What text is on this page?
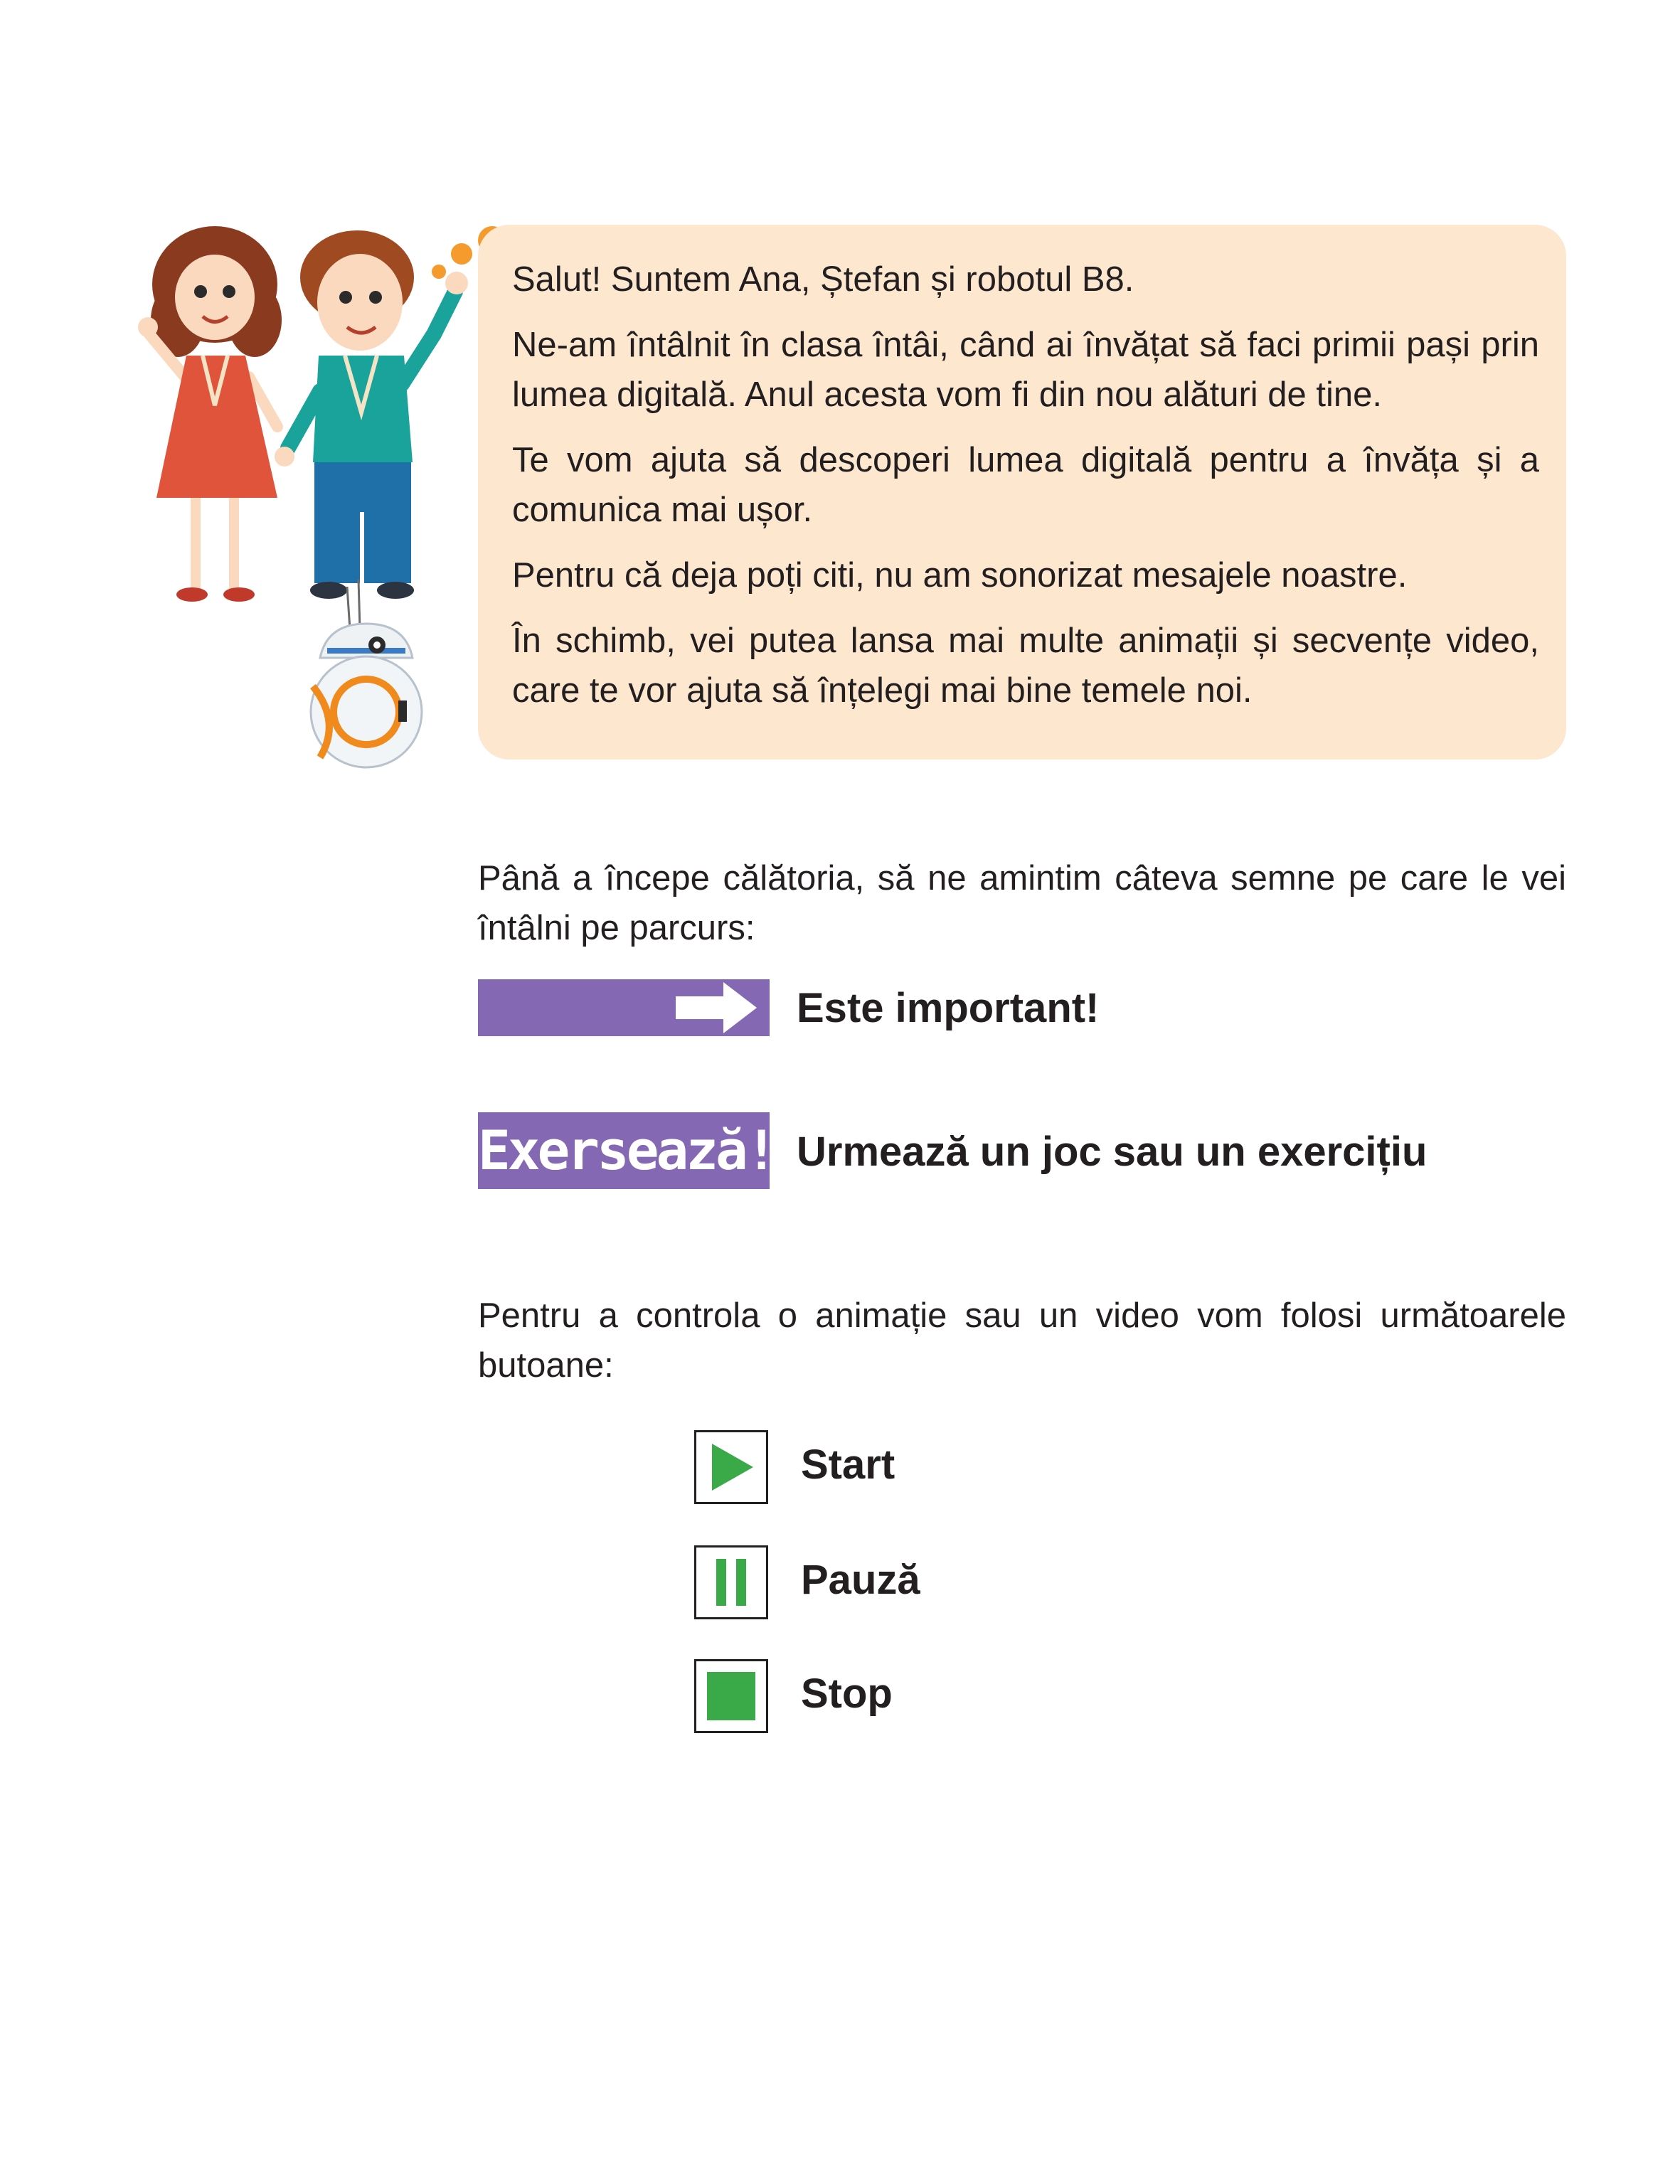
Salut! Suntem Ana, Ștefan și robotul B8.

Ne-am întâlnit în clasa întâi, când ai învățat să faci primii pași prin lumea digitală. Anul acesta vom fi din nou alături de tine.

Te vom ajuta să descoperi lumea digitală pentru a învăța și a comunica mai ușor.

Pentru că deja poți citi, nu am sonorizat mesajele noastre.

În schimb, vei putea lansa mai multe animații și secvențe video, care te vor ajuta să înțelegi mai bine temele noi.

Până a începe călătoria, să ne amintim câteva semne pe care le vei întâlni pe parcurs:
Este important!
Exersează! Urmează un joc sau un exercițiu
Pentru a controla o animație sau un video vom folosi următoarele butoane:
Start
Pauză
Stop
